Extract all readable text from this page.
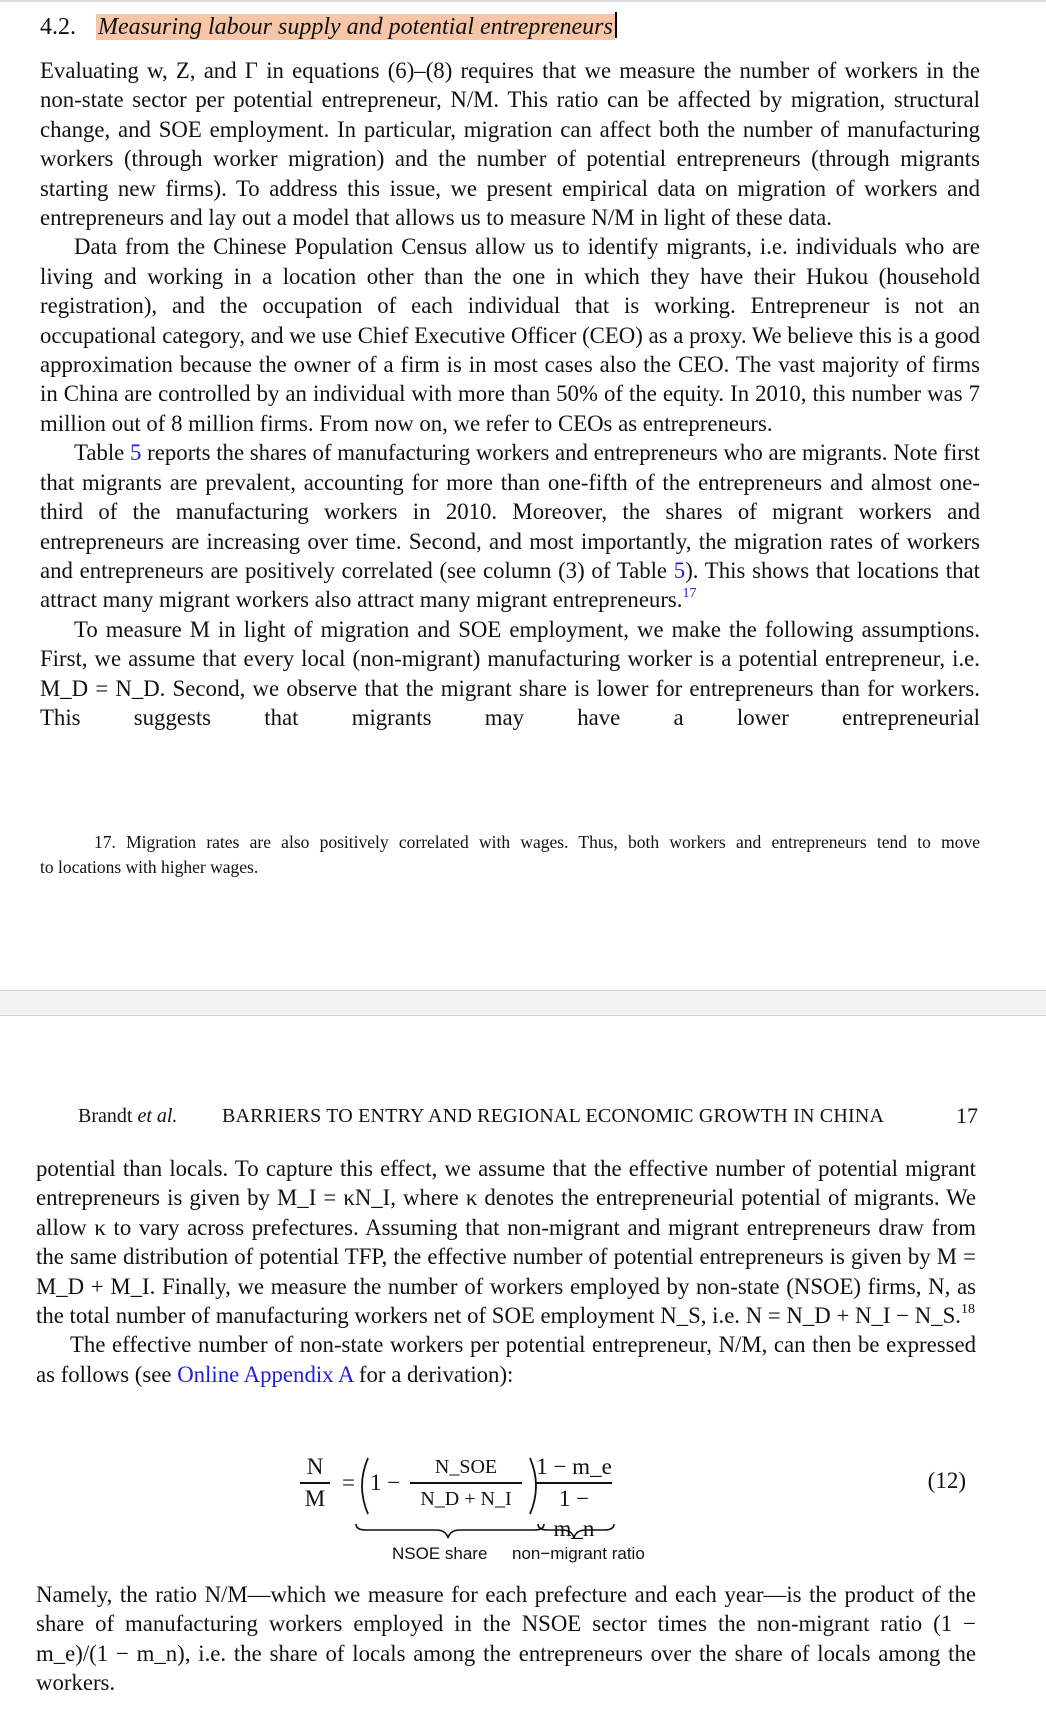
4.2. Measuring labour supply and potential entrepreneurs

Evaluating w, Z, and Γ in equations (6)–(8) requires that we measure the number of workers in the non-state sector per potential entrepreneur, N/M. This ratio can be affected by migration, structural change, and SOE employment. In particular, migration can affect both the number of manufacturing workers (through worker migration) and the number of potential entrepreneurs (through migrants starting new firms). To address this issue, we present empirical data on migration of workers and entrepreneurs and lay out a model that allows us to measure N/M in light of these data.

Data from the Chinese Population Census allow us to identify migrants, i.e. individuals who are living and working in a location other than the one in which they have their Hukou (household registration), and the occupation of each individual that is working. Entrepreneur is not an occupational category, and we use Chief Executive Officer (CEO) as a proxy. We believe this is a good approximation because the owner of a firm is in most cases also the CEO. The vast majority of firms in China are controlled by an individual with more than 50% of the equity. In 2010, this number was 7 million out of 8 million firms. From now on, we refer to CEOs as entrepreneurs.

Table 5 reports the shares of manufacturing workers and entrepreneurs who are migrants. Note first that migrants are prevalent, accounting for more than one-fifth of the entrepreneurs and almost one-third of the manufacturing workers in 2010. Moreover, the shares of migrant workers and entrepreneurs are increasing over time. Second, and most importantly, the migration rates of workers and entrepreneurs are positively correlated (see column (3) of Table 5). This shows that locations that attract many migrant workers also attract many migrant entrepreneurs.$^{17}$

To measure M in light of migration and SOE employment, we make the following assumptions. First, we assume that every local (non-migrant) manufacturing worker is a potential entrepreneur, i.e. M_D = N_D. Second, we observe that the migrant share is lower for entrepreneurs than for workers. This suggests that migrants may have a lower entrepreneurial

17. Migration rates are also positively correlated with wages. Thus, both workers and entrepreneurs tend to move
to locations with higher wages.
Brandt et al. BARRIERS TO ENTRY AND REGIONAL ECONOMIC GROWTH IN CHINA	17

potential than locals. To capture this effect, we assume that the effective number of potential migrant entrepreneurs is given by M_I = κN_I, where κ denotes the entrepreneurial potential of migrants. We allow κ to vary across prefectures. Assuming that non-migrant and migrant entrepreneurs draw from the same distribution of potential TFP, the effective number of potential entrepreneurs is given by M = M_D + M_I. Finally, we measure the number of workers employed by non-state (NSOE) firms, N, as the total number of manufacturing workers net of SOE employment N_S, i.e. N = N_D + N_I − N_S.$^{18}$

The effective number of non-state workers per potential entrepreneur, N/M, can then be expressed as follows (see Online Appendix A for a derivation):

N
M
= 1 −
N_SOE
N_D + N_I
1 − m_e
1 − m_n
NSOE share non−migrant ratio
(12)

Namely, the ratio N/M—which we measure for each prefecture and each year—is the product of the share of manufacturing workers employed in the NSOE sector times the non-migrant ratio (1 − m_e)/(1 − m_n), i.e. the share of locals among the entrepreneurs over the share of locals among the workers.
